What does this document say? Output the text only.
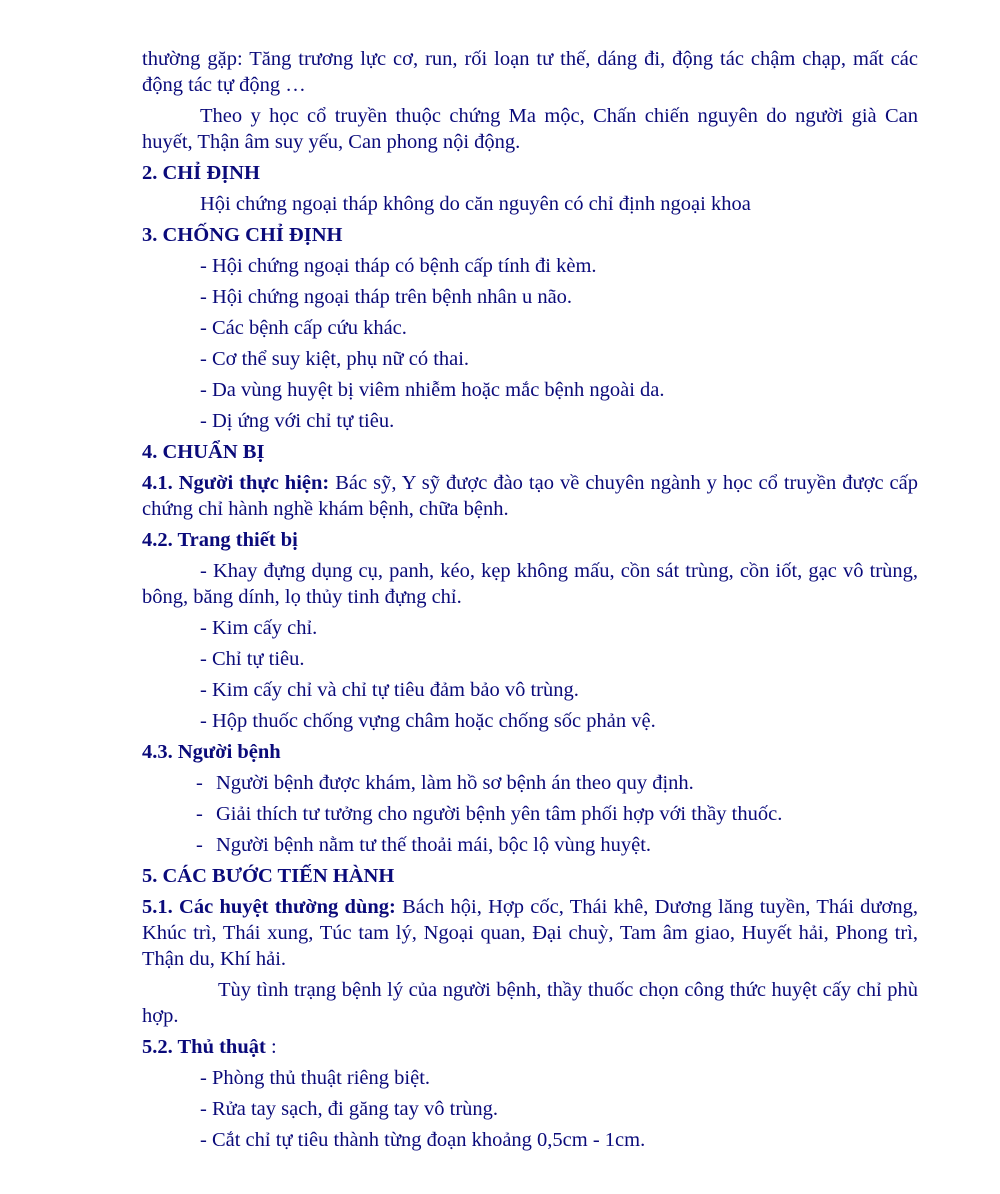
thường gặp: Tăng trương lực cơ, run, rối loạn tư thế, dáng đi, động tác chậm chạp, mất các động tác tự động …
Theo y học cổ truyền thuộc chứng Ma mộc, Chấn chiến nguyên do người già Can huyết, Thận âm suy yếu, Can phong nội động.
2. CHỈ ĐỊNH
Hội chứng ngoại tháp không do căn nguyên có chỉ định ngoại khoa
3. CHỐNG CHỈ ĐỊNH
- Hội chứng ngoại tháp có bệnh cấp tính đi kèm.
- Hội chứng ngoại tháp trên bệnh nhân u não.
- Các bệnh cấp cứu khác.
- Cơ thể suy kiệt, phụ nữ có thai.
- Da vùng huyệt bị viêm nhiễm hoặc mắc bệnh ngoài da.
- Dị ứng với chỉ tự tiêu.
4. CHUẨN BỊ
4.1. Người thực hiện: Bác sỹ, Y sỹ được đào tạo về chuyên ngành y học cổ truyền được cấp chứng chỉ hành nghề khám bệnh, chữa bệnh.
4.2. Trang thiết bị
- Khay đựng dụng cụ, panh, kéo, kẹp không mấu, cồn sát trùng, cồn iốt, gạc vô trùng, bông, băng dính, lọ thủy tinh đựng chỉ.
- Kim cấy chỉ.
- Chỉ tự tiêu.
- Kim cấy chỉ và chỉ tự tiêu đảm bảo vô trùng.
- Hộp thuốc chống vựng châm hoặc chống sốc phản vệ.
4.3. Người bệnh
- Người bệnh được khám, làm hồ sơ bệnh án theo quy định.
- Giải thích tư tưởng cho người bệnh yên tâm phối hợp với thầy thuốc.
- Người bệnh nằm tư thế thoải mái, bộc lộ vùng huyệt.
5. CÁC BƯỚC TIẾN HÀNH
5.1. Các huyệt thường dùng: Bách hội, Hợp cốc, Thái khê, Dương lăng tuyền, Thái dương, Khúc trì, Thái xung, Túc tam lý, Ngoại quan, Đại chuỳ, Tam âm giao, Huyết hải, Phong trì, Thận du, Khí hải.
Tùy tình trạng bệnh lý của người bệnh, thầy thuốc chọn công thức huyệt cấy chỉ phù hợp.
5.2. Thủ thuật :
- Phòng thủ thuật riêng biệt.
- Rửa tay sạch, đi găng tay vô trùng.
- Cắt chỉ tự tiêu thành từng đoạn khoảng 0,5cm - 1cm.
